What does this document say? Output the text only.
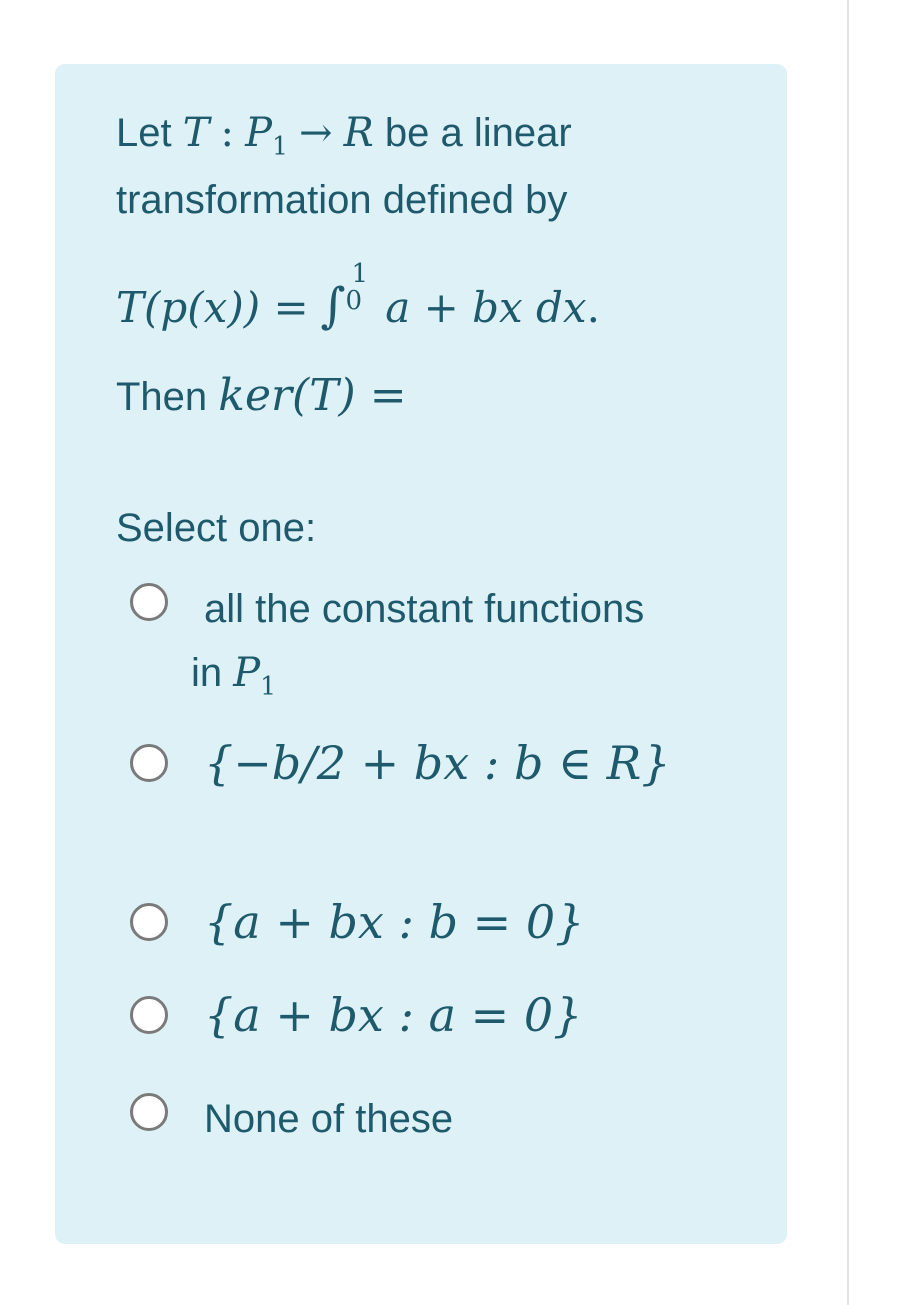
Let T : $P_1 \to R$ be a linear
transformation defined by
T(p(x)) = ∫
1
0 a + bx dx.
Then ker(T) =
Select one:
all the constant functions
in $P_1$
{−b/2 + bx : b ∈ R}
{a + bx : b = 0}
{a + bx : a = 0}
None of these
